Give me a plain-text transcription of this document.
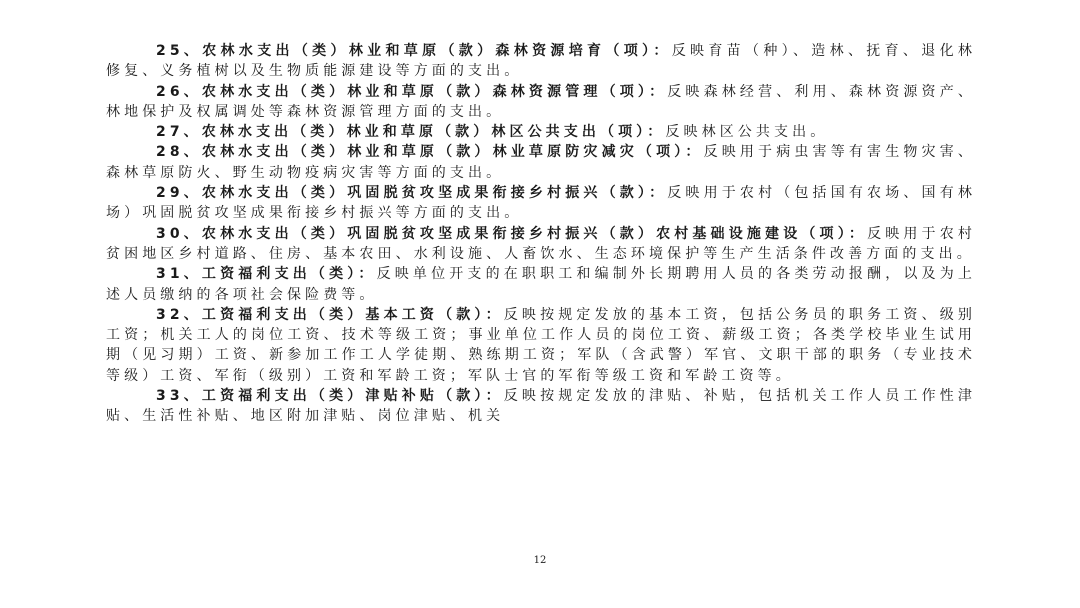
25、农林水支出（类）林业和草原（款）森林资源培育（项）：反映育苗（种）、造林、抚育、退化林修复、义务植树以及生物质能源建设等方面的支出。

26、农林水支出（类）林业和草原（款）森林资源管理（项）：反映森林经营、利用、森林资源资产、林地保护及权属调处等森林资源管理方面的支出。

27、农林水支出（类）林业和草原（款）林区公共支出（项）：反映林区公共支出。

28、农林水支出（类）林业和草原（款）林业草原防灾减灾（项）：反映用于病虫害等有害生物灾害、森林草原防火、野生动物疫病灾害等方面的支出。

29、农林水支出（类）巩固脱贫攻坚成果衔接乡村振兴（款）：反映用于农村（包括国有农场、国有林场）巩固脱贫攻坚成果衔接乡村振兴等方面的支出。

30、农林水支出（类）巩固脱贫攻坚成果衔接乡村振兴（款）农村基础设施建设（项）：反映用于农村贫困地区乡村道路、住房、基本农田、水利设施、人畜饮水、生态环境保护等生产生活条件改善方面的支出。

31、工资福利支出（类）：反映单位开支的在职职工和编制外长期聘用人员的各类劳动报酬，以及为上述人员缴纳的各项社会保险费等。

32、工资福利支出（类）基本工资（款）：反映按规定发放的基本工资，包括公务员的职务工资、级别工资；机关工人的岗位工资、技术等级工资；事业单位工作人员的岗位工资、薪级工资；各类学校毕业生试用期（见习期）工资、新参加工作工人学徒期、熟练期工资；军队（含武警）军官、文职干部的职务（专业技术等级）工资、军衔（级别）工资和军龄工资；军队士官的军衔等级工资和军龄工资等。

33、工资福利支出（类）津贴补贴（款）：反映按规定发放的津贴、补贴，包括机关工作人员工作性津贴、生活性补贴、地区附加津贴、岗位津贴、机关

12
